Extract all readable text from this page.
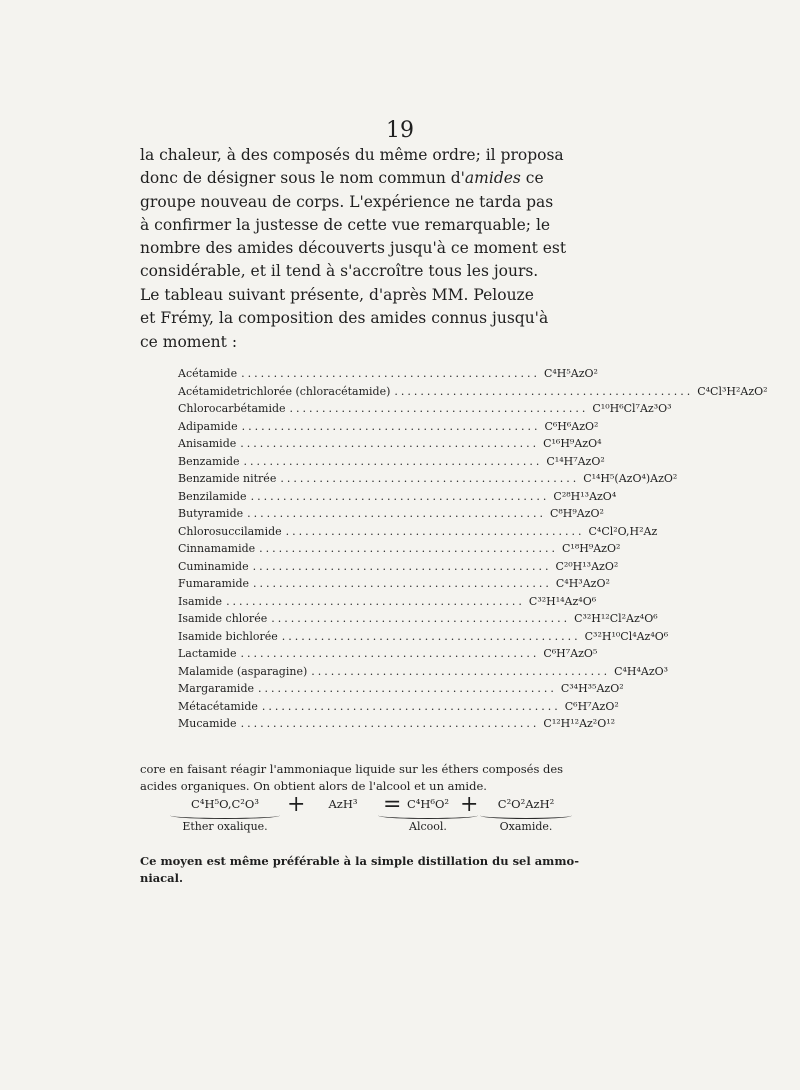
19

la chaleur, à des composés du même ordre; il proposa
donc de désigner sous le nom commun d'amides ce
groupe nouveau de corps. L'expérience ne tarda pas
à confirmer la justesse de cette vue remarquable; le
nombre des amides découverts jusqu'à ce moment est
considérable, et il tend à s'accroître tous les jours.

Le tableau suivant présente, d'après MM. Pelouze
et Frémy, la composition des amides connus jusqu'à
ce moment :

Acétamide .............................................. C⁴H⁵AzO²
Acétamidetrichlorée (chloracétamide) .............................................. C⁴Cl³H²AzO²
Chlorocarbétamide .............................................. C¹⁰H⁶Cl⁷Az³O³
Adipamide .............................................. C⁶H⁶AzO²
Anisamide .............................................. C¹⁶H⁹AzO⁴
Benzamide .............................................. C¹⁴H⁷AzO²
Benzamide nitrée .............................................. C¹⁴H⁵(AzO⁴)AzO²
Benzilamide .............................................. C²⁸H¹³AzO⁴
Butyramide .............................................. C⁸H⁹AzO²
Chlorosuccilamide .............................................. C⁴Cl²O,H²Az
Cinnamamide .............................................. C¹⁸H⁹AzO²
Cuminamide .............................................. C²⁰H¹³AzO²
Fumaramide .............................................. C⁴H³AzO²
Isamide .............................................. C³²H¹⁴Az⁴O⁶
Isamide chlorée .............................................. C³²H¹²Cl²Az⁴O⁶
Isamide bichlorée .............................................. C³²H¹⁰Cl⁴Az⁴O⁶
Lactamide .............................................. C⁶H⁷AzO⁵
Malamide (asparagine) .............................................. C⁴H⁴AzO³
Margaramide .............................................. C³⁴H³⁵AzO²
Métacétamide .............................................. C⁶H⁷AzO²
Mucamide .............................................. C¹²H¹²Az²O¹²

core en faisant réagir l'ammoniaque liquide sur les éthers composés des
acides organiques. On obtient alors de l'alcool et un amide.

C⁴H⁵O,C²O³
Ether oxalique.
+	AzH³	= C⁴H⁶O²
Alcool.
+	C²O²AzH²
Oxamide.

Ce moyen est même préférable à la simple distillation du sel ammo-
niacal.
